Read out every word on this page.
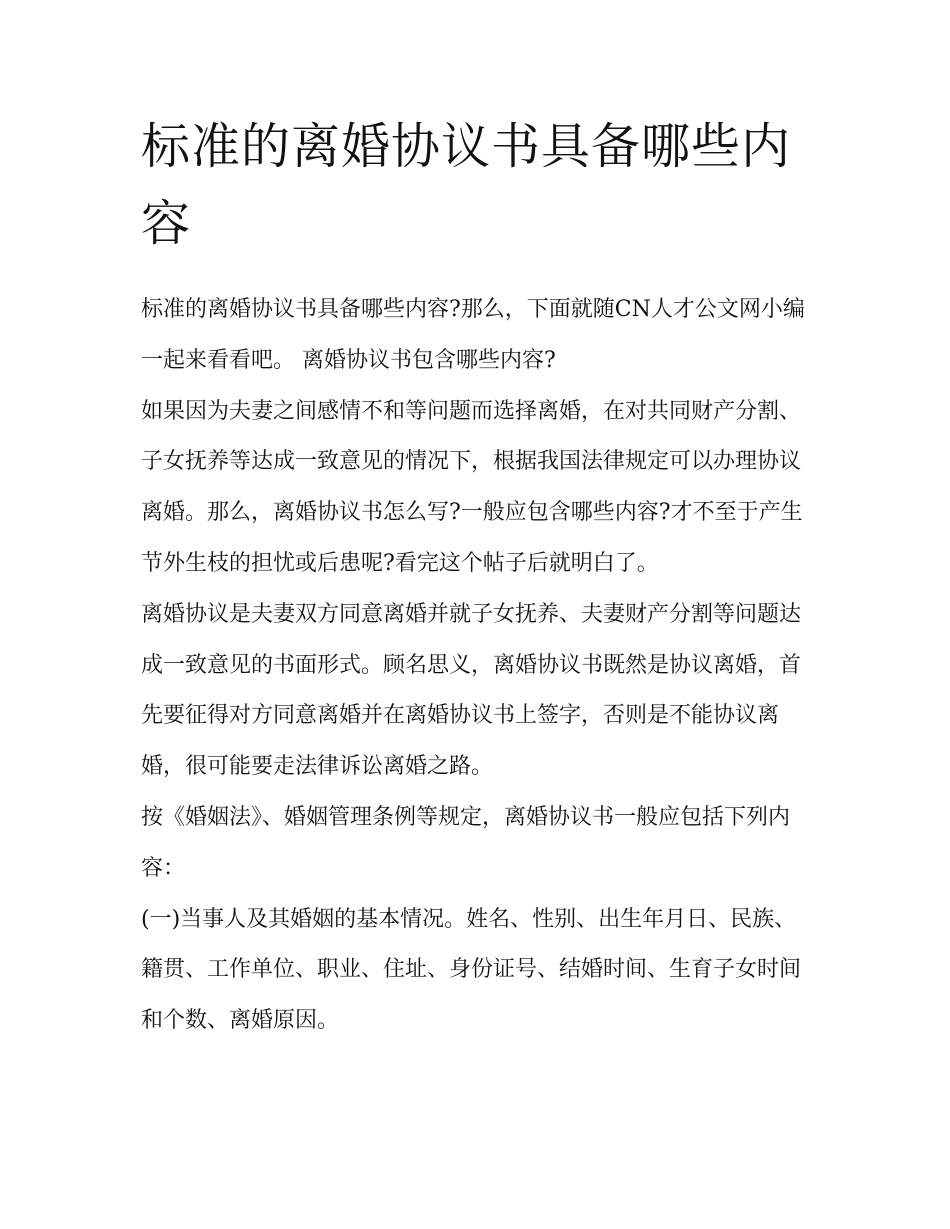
标准的离婚协议书具备哪些内容

标准的离婚协议书具备哪些内容?那么，下面就随CN人才公文网小编一起来看看吧。 离婚协议书包含哪些内容?

如果因为夫妻之间感情不和等问题而选择离婚，在对共同财产分割、子女抚养等达成一致意见的情况下，根据我国法律规定可以办理协议离婚。那么，离婚协议书怎么写?一般应包含哪些内容?才不至于产生节外生枝的担忧或后患呢?看完这个帖子后就明白了。

离婚协议是夫妻双方同意离婚并就子女抚养、夫妻财产分割等问题达成一致意见的书面形式。顾名思义，离婚协议书既然是协议离婚，首先要征得对方同意离婚并在离婚协议书上签字，否则是不能协议离婚，很可能要走法律诉讼离婚之路。

按《婚姻法》、婚姻管理条例等规定，离婚协议书一般应包括下列内容：

(一)当事人及其婚姻的基本情况。姓名、性别、出生年月日、民族、籍贯、工作单位、职业、住址、身份证号、结婚时间、生育子女时间和个数、离婚原因。
